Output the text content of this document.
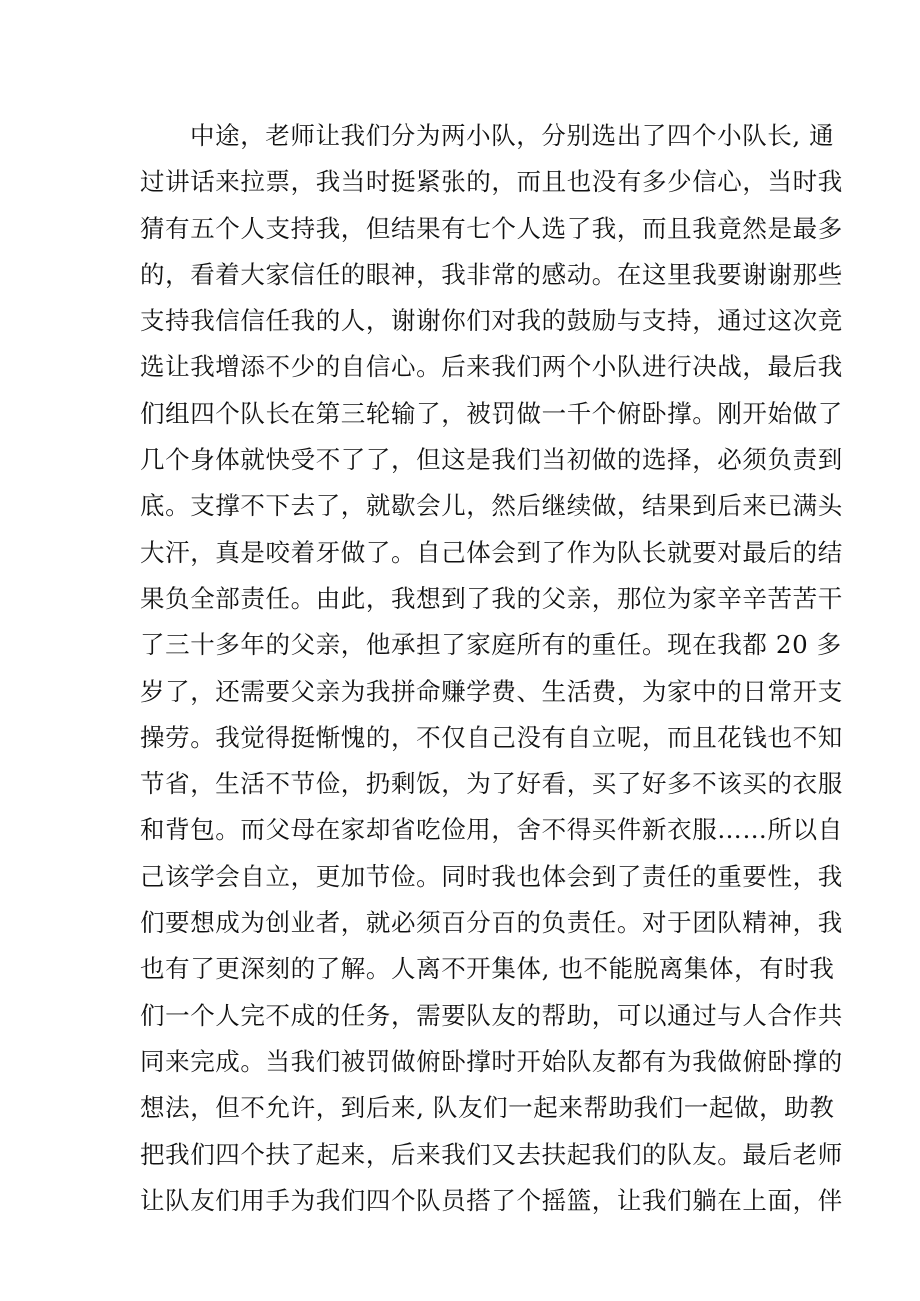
中途，老师让我们分为两小队，分别选出了四个小队长, 通
过讲话来拉票，我当时挺紧张的，而且也没有多少信心，当时我
猜有五个人支持我，但结果有七个人选了我，而且我竟然是最多
的，看着大家信任的眼神，我非常的感动。在这里我要谢谢那些
支持我信信任我的人，谢谢你们对我的鼓励与支持，通过这次竞
选让我增添不少的自信心。后来我们两个小队进行决战，最后我
们组四个队长在第三轮输了，被罚做一千个俯卧撑。刚开始做了
几个身体就快受不了了，但这是我们当初做的选择，必须负责到
底。支撑不下去了，就歇会儿，然后继续做，结果到后来已满头
大汗，真是咬着牙做了。自己体会到了作为队长就要对最后的结
果负全部责任。由此，我想到了我的父亲，那位为家辛辛苦苦干
了三十多年的父亲，他承担了家庭所有的重任。现在我都 20 多
岁了，还需要父亲为我拼命赚学费、生活费，为家中的日常开支
操劳。我觉得挺惭愧的，不仅自己没有自立呢，而且花钱也不知
节省，生活不节俭，扔剩饭，为了好看，买了好多不该买的衣服
和背包。而父母在家却省吃俭用，舍不得买件新衣服……所以自
己该学会自立，更加节俭。同时我也体会到了责任的重要性，我
们要想成为创业者，就必须百分百的负责任。对于团队精神，我
也有了更深刻的了解。人离不开集体, 也不能脱离集体，有时我
们一个人完不成的任务，需要队友的帮助，可以通过与人合作共
同来完成。当我们被罚做俯卧撑时开始队友都有为我做俯卧撑的
想法，但不允许，到后来, 队友们一起来帮助我们一起做，助教
把我们四个扶了起来，后来我们又去扶起我们的队友。最后老师
让队友们用手为我们四个队员搭了个摇篮，让我们躺在上面，伴
